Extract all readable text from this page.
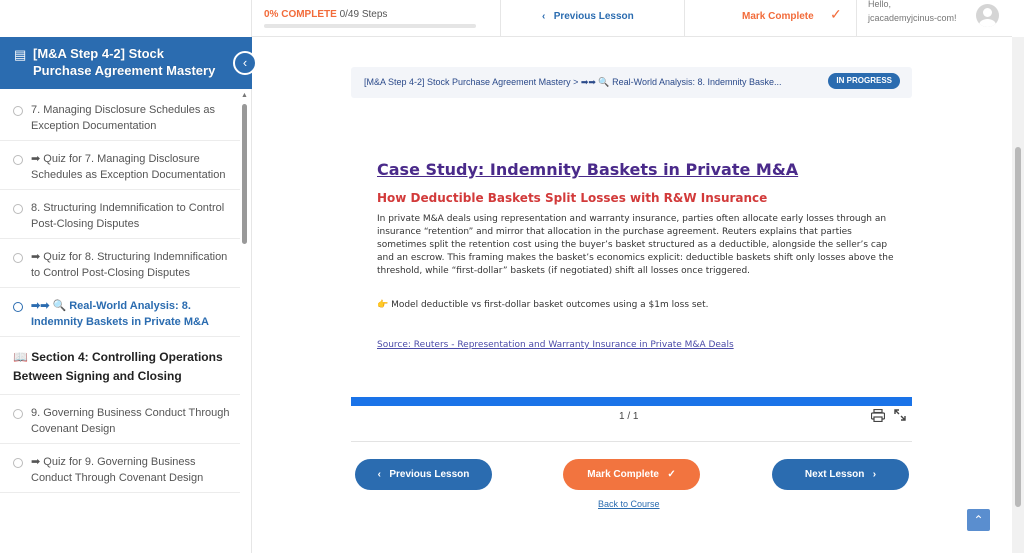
▤ [M&A Step 4-2] Stock Purchase Agreement Mastery
7. Managing Disclosure Schedules as Exception Documentation
➡ Quiz for 7. Managing Disclosure Schedules as Exception Documentation
8. Structuring Indemnification to Control Post-Closing Disputes
➡ Quiz for 8. Structuring Indemnification to Control Post-Closing Disputes
➡➡ 🔍 Real-World Analysis: 8. Indemnity Baskets in Private M&A
📖 Section 4: Controlling Operations Between Signing and Closing
9. Governing Business Conduct Through Covenant Design
➡ Quiz for 9. Governing Business Conduct Through Covenant Design
▲
‹
0% COMPLETE 0/49 Steps	‹ Previous Lesson	Mark Complete ✓
Hello,
jcacademyjcinus-com!
[M&A Step 4-2] Stock Purchase Agreement Mastery > ➡➡ 🔍 Real-World Analysis: 8. Indemnity Baske...	IN PROGRESS
Case Study: Indemnity Baskets in Private M&A
How Deductible Baskets Split Losses with R&W Insurance
In private M&A deals using representation and warranty insurance, parties often allocate early losses through an insurance “retention” and mirror that allocation in the purchase agreement. Reuters explains that parties sometimes split the retention cost using the buyer’s basket structured as a deductible, alongside the seller’s cap and an escrow. This framing makes the basket’s economics explicit: deductible baskets shift only losses above the threshold, while “first-dollar” baskets (if negotiated) shift all losses once triggered.
👉 Model deductible vs first-dollar basket outcomes using a $1m loss set.
Source: Reuters - Representation and Warranty Insurance in Private M&A Deals
1 / 1
‹ Previous Lesson	Mark Complete ✓	Next Lesson ›
Back to Course
⌃
